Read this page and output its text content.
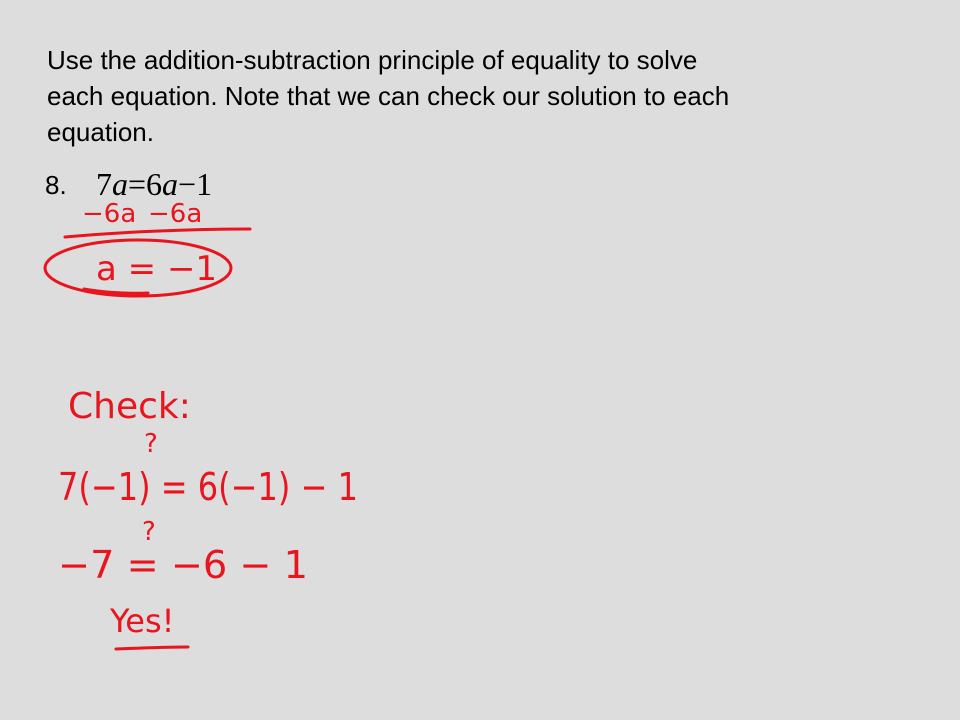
Use the addition-subtraction principle of equality to solve
each equation. Note that we can check our solution to each
equation.
8. 7a=6a−1
−6a −6a
a = −1
Check:
?
7(−1) = 6(−1) − 1
?
−7 = −6 − 1
Yes!
